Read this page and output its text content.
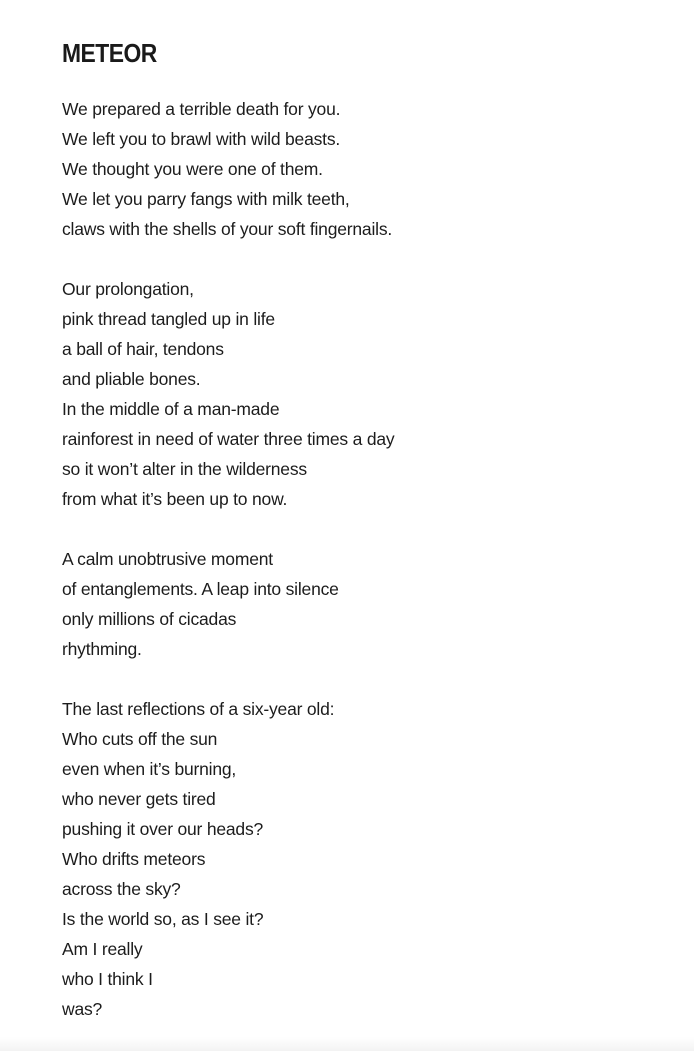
METEOR
We prepared a terrible death for you.
We left you to brawl with wild beasts.
We thought you were one of them.
We let you parry fangs with milk teeth,
claws with the shells of your soft fingernails.
Our prolongation,
pink thread tangled up in life
a ball of hair, tendons
and pliable bones.
In the middle of a man-made
rainforest in need of water three times a day
so it won’t alter in the wilderness
from what it’s been up to now.
A calm unobtrusive moment
of entanglements. A leap into silence
only millions of cicadas
rhythming.
The last reflections of a six-year old:
Who cuts off the sun
even when it’s burning,
who never gets tired
pushing it over our heads?
Who drifts meteors
across the sky?
Is the world so, as I see it?
Am I really
who I think I
was?
